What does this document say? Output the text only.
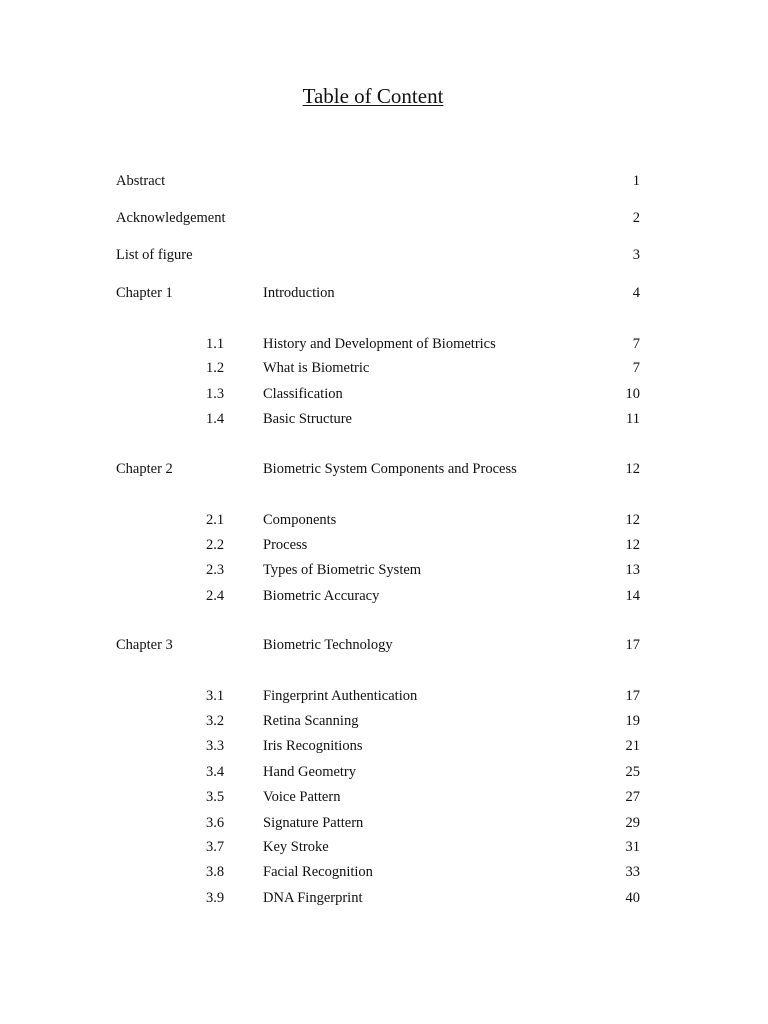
Table of Content
Abstract	1
Acknowledgement	2
List of figure	3
Chapter 1	Introduction	4
1.1	History and Development of Biometrics	7
1.2	What is Biometric	7
1.3	Classification	10
1.4	Basic Structure	11
Chapter 2	Biometric System Components and Process	12
2.1	Components	12
2.2	Process	12
2.3	Types of Biometric System	13
2.4	Biometric Accuracy	14
Chapter 3	Biometric Technology	17
3.1	Fingerprint Authentication	17
3.2	Retina Scanning	19
3.3	Iris Recognitions	21
3.4	Hand Geometry	25
3.5	Voice Pattern	27
3.6	Signature Pattern	29
3.7	Key Stroke	31
3.8	Facial Recognition	33
3.9	DNA Fingerprint	40
